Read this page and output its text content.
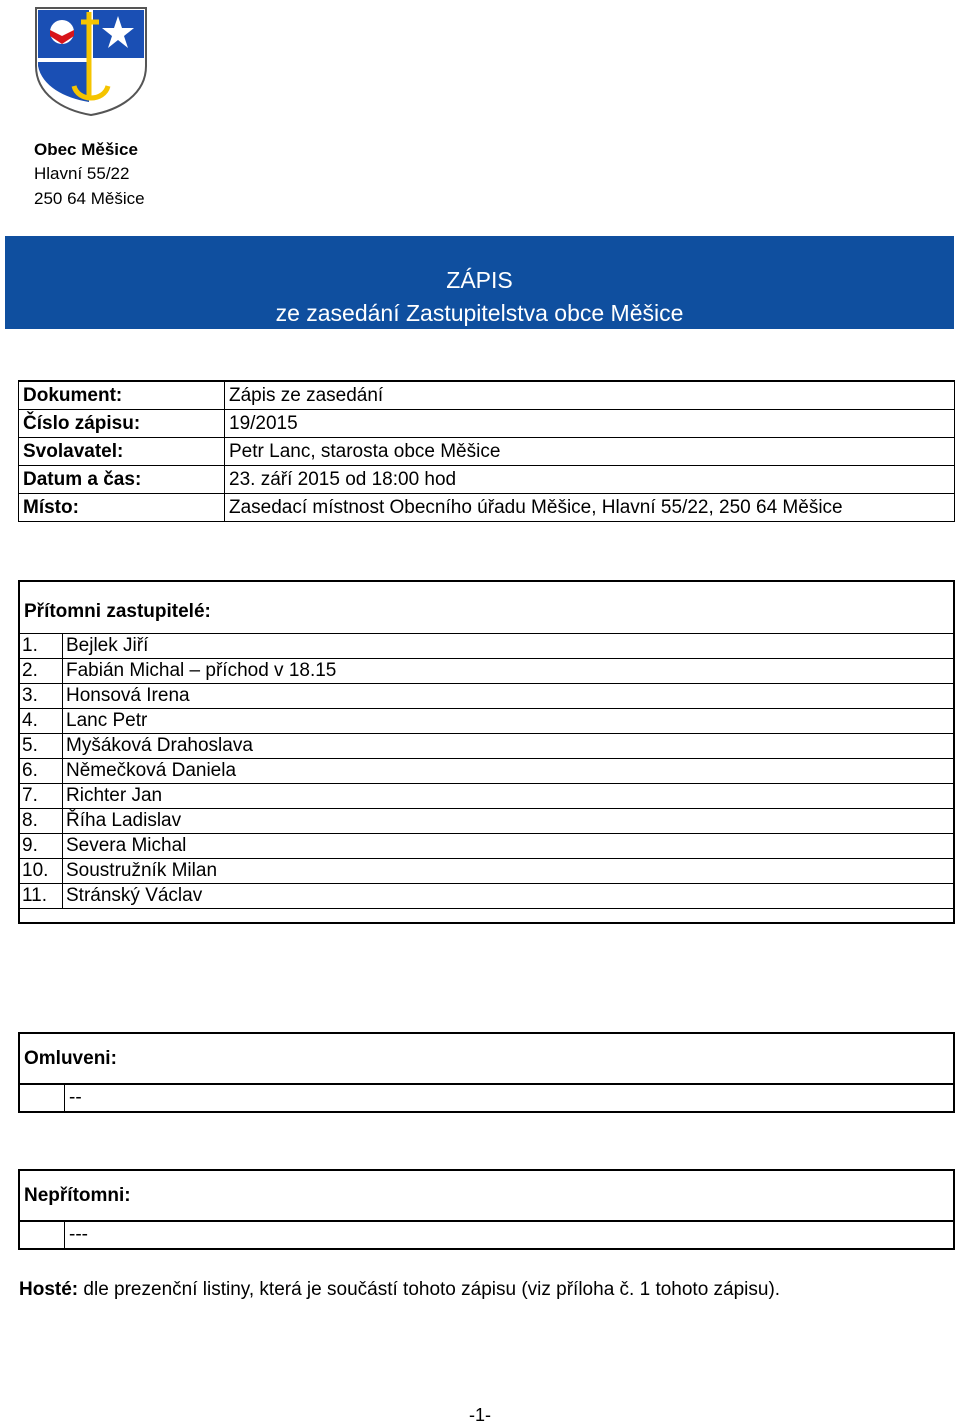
Obec Měšice
Hlavní 55/22
250 64 Měšice
ZÁPIS
ze zasedání Zastupitelstva obce Měšice
Dokument:	Zápis ze zasedání
Číslo zápisu:	19/2015
Svolavatel:	Petr Lanc, starosta obce Měšice
Datum a čas:	23. září 2015 od 18:00 hod
Místo:	Zasedací místnost Obecního úřadu Měšice, Hlavní 55/22, 250 64 Měšice
Přítomni zastupitelé:
1.	Bejlek Jiří
2.	Fabián Michal – příchod v 18.15
3.	Honsová Irena
4.	Lanc Petr
5.	Myšáková Drahoslava
6.	Němečková Daniela
7.	Richter Jan
8.	Říha Ladislav
9.	Severa Michal
10.	Soustružník Milan
11.	Stránský Václav
Omluveni:
--
Nepřítomni:
---
Hosté: dle prezenční listiny, která je součástí tohoto zápisu (viz příloha č. 1 tohoto zápisu).
-1-
